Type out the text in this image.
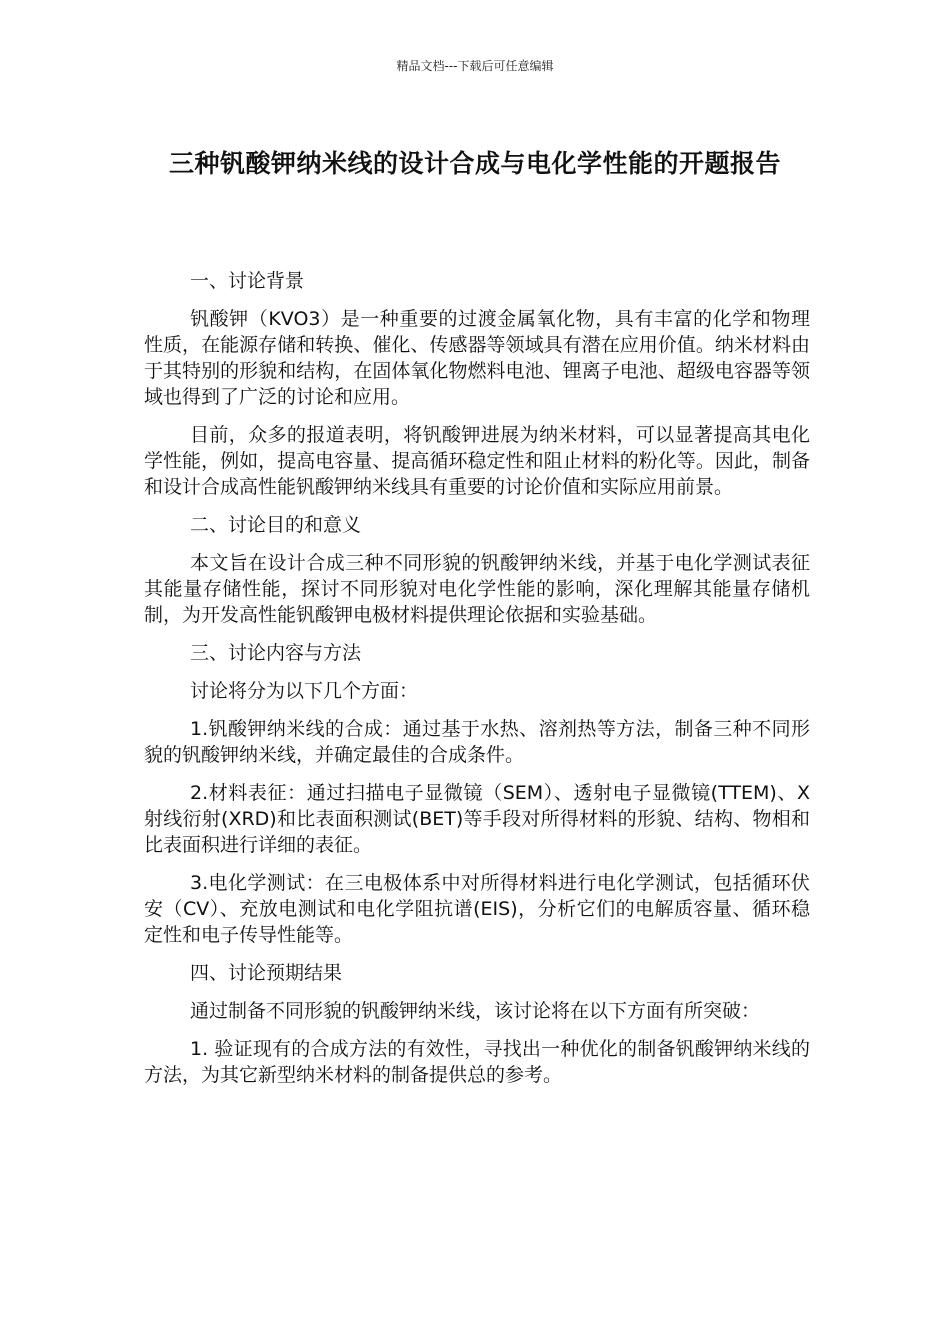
精品文档---下载后可任意编辑
三种钒酸钾纳米线的设计合成与电化学性能的开题报告
一、讨论背景

钒酸钾（KVO3）是一种重要的过渡金属氧化物，具有丰富的化学和物理性质，在能源存储和转换、催化、传感器等领域具有潜在应用价值。纳米材料由于其特别的形貌和结构，在固体氧化物燃料电池、锂离子电池、超级电容器等领域也得到了广泛的讨论和应用。

目前，众多的报道表明，将钒酸钾进展为纳米材料，可以显著提高其电化学性能，例如，提高电容量、提高循环稳定性和阻止材料的粉化等。因此，制备和设计合成高性能钒酸钾纳米线具有重要的讨论价值和实际应用前景。

二、讨论目的和意义

本文旨在设计合成三种不同形貌的钒酸钾纳米线，并基于电化学测试表征其能量存储性能，探讨不同形貌对电化学性能的影响，深化理解其能量存储机制，为开发高性能钒酸钾电极材料提供理论依据和实验基础。

三、讨论内容与方法

讨论将分为以下几个方面：

1.钒酸钾纳米线的合成：通过基于水热、溶剂热等方法，制备三种不同形貌的钒酸钾纳米线，并确定最佳的合成条件。

2.材料表征：通过扫描电子显微镜（SEM）、透射电子显微镜(TTEM)、X 射线衍射(XRD)和比表面积测试(BET)等手段对所得材料的形貌、结构、物相和比表面积进行详细的表征。

3.电化学测试：在三电极体系中对所得材料进行电化学测试，包括循环伏安（CV）、充放电测试和电化学阻抗谱(EIS)，分析它们的电解质容量、循环稳定性和电子传导性能等。

四、讨论预期结果

通过制备不同形貌的钒酸钾纳米线，该讨论将在以下方面有所突破：

1. 验证现有的合成方法的有效性，寻找出一种优化的制备钒酸钾纳米线的方法，为其它新型纳米材料的制备提供总的参考。
